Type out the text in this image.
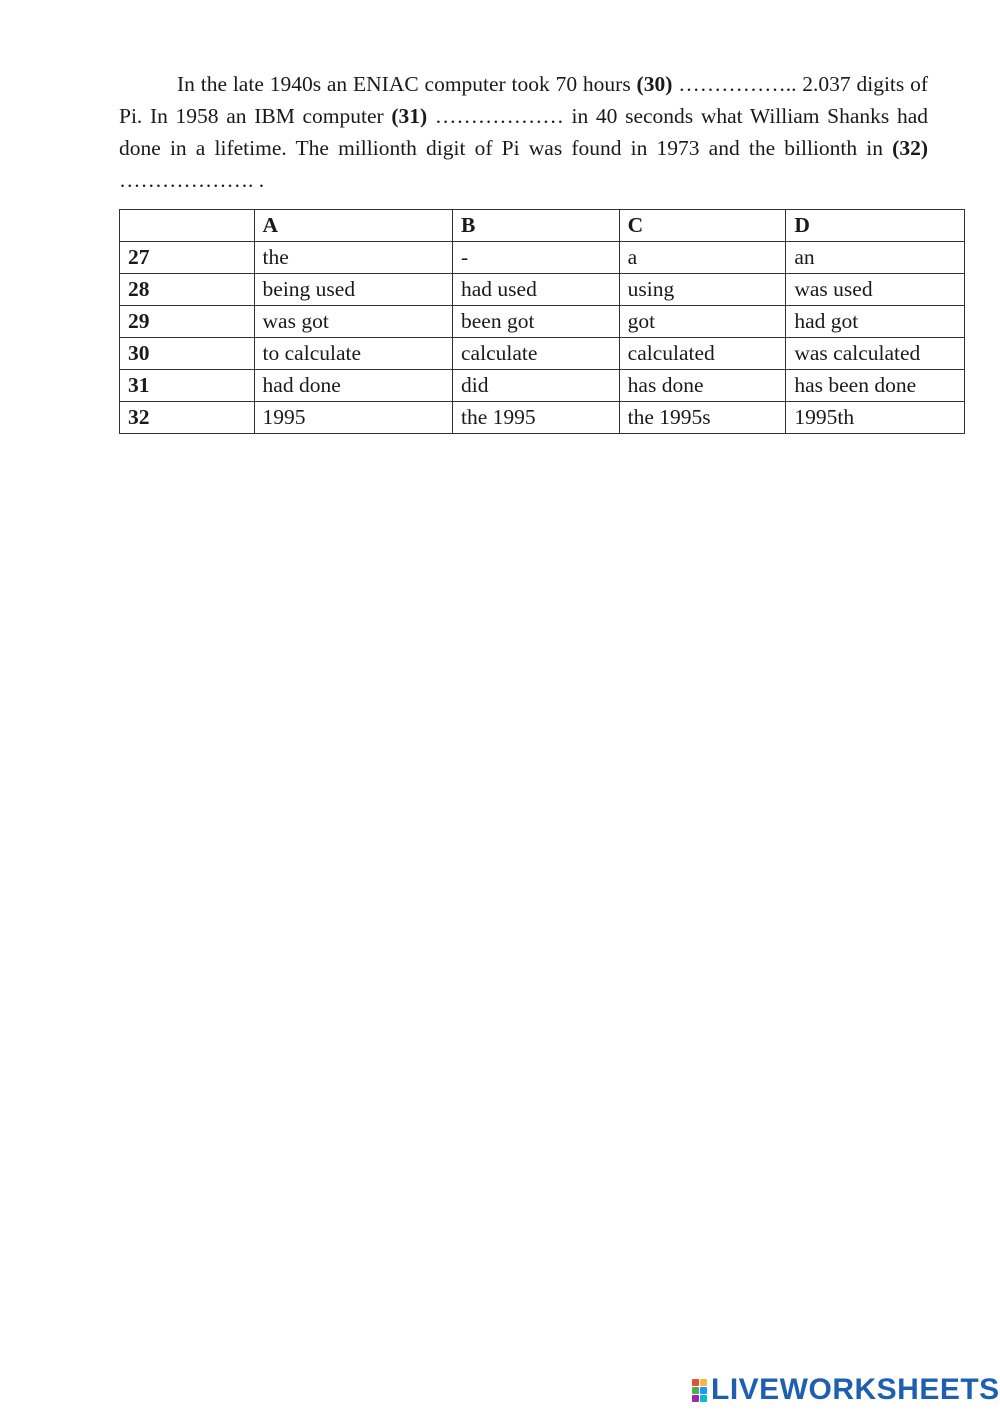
In the late 1940s an ENIAC computer took 70 hours (30) …………….. 2.037 digits of Pi. In 1958 an IBM computer (31) ……………… in 40 seconds what William Shanks had done in a lifetime. The millionth digit of Pi was found in 1973 and the billionth in (32) ………………. .
	A	B	C	D
27	the	-	a	an
28	being used	had used	using	was used
29	was got	been got	got	had got
30	to calculate	calculate	calculated	was calculated
31	had done	did	has done	has been done
32	1995	the 1995	the 1995s	1995th
LIVEWORKSHEETS
